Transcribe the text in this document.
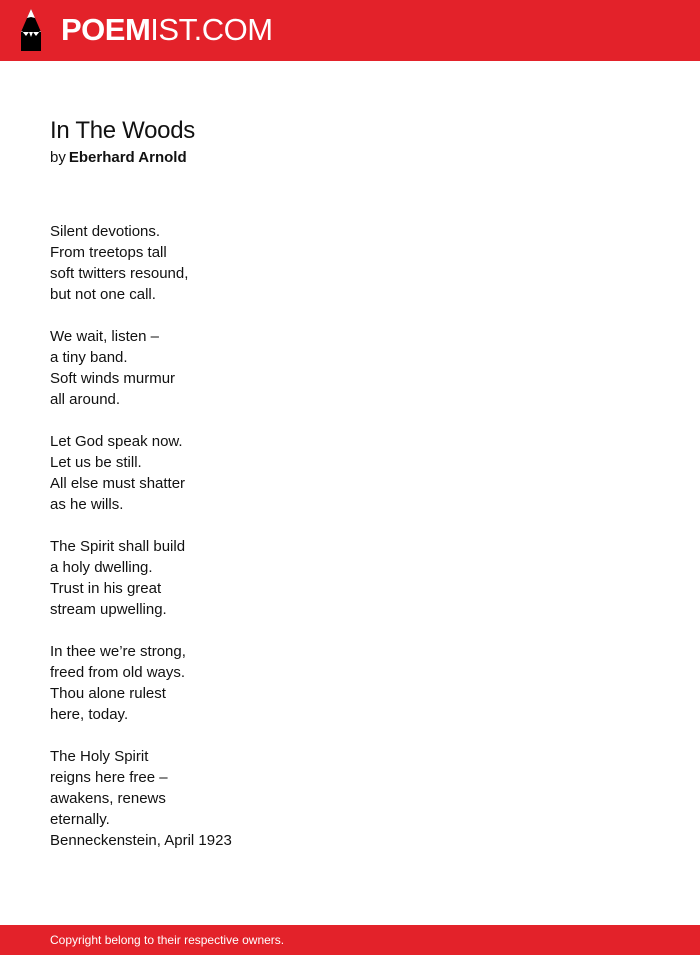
POEMIST.COM
In The Woods
by Eberhard Arnold
Silent devotions.
From treetops tall
soft twitters resound,
but not one call.
We wait, listen –
a tiny band.
Soft winds murmur
all around.
Let God speak now.
Let us be still.
All else must shatter
as he wills.
The Spirit shall build
a holy dwelling.
Trust in his great
stream upwelling.
In thee we’re strong,
freed from old ways.
Thou alone rulest
here, today.
The Holy Spirit
reigns here free –
awakens, renews
eternally.
Benneckenstein, April 1923
Copyright belong to their respective owners.
